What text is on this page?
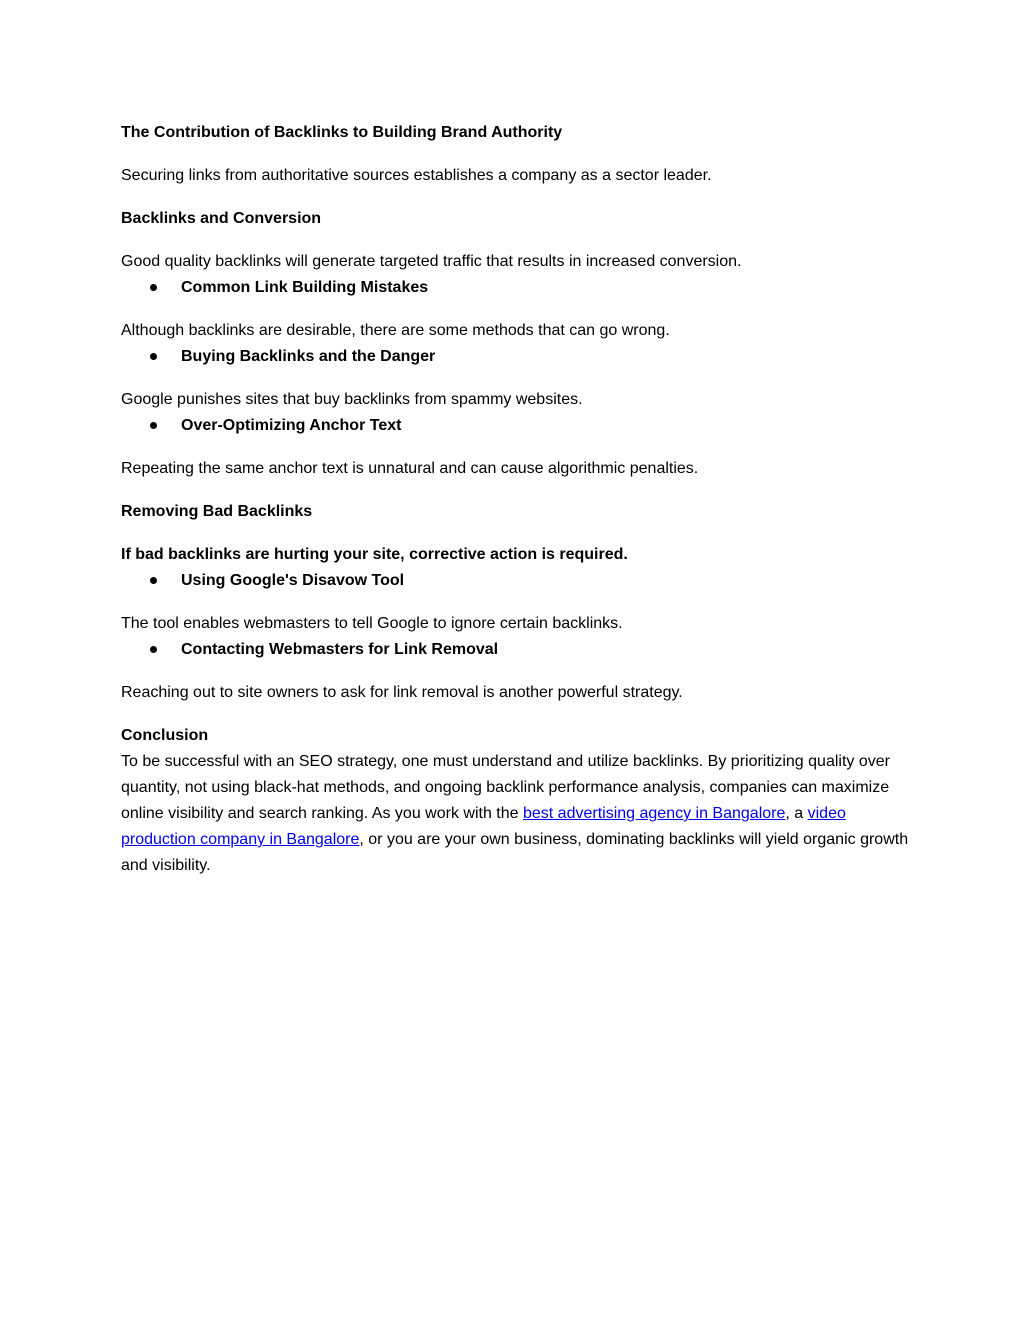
The Contribution of Backlinks to Building Brand Authority

Securing links from authoritative sources establishes a company as a sector leader.

Backlinks and Conversion

Good quality backlinks will generate targeted traffic that results in increased conversion.

Common Link Building Mistakes

Although backlinks are desirable, there are some methods that can go wrong.

Buying Backlinks and the Danger

Google punishes sites that buy backlinks from spammy websites.

Over-Optimizing Anchor Text

Repeating the same anchor text is unnatural and can cause algorithmic penalties.

Removing Bad Backlinks

If bad backlinks are hurting your site, corrective action is required.

Using Google's Disavow Tool

The tool enables webmasters to tell Google to ignore certain backlinks.

Contacting Webmasters for Link Removal

Reaching out to site owners to ask for link removal is another powerful strategy.

Conclusion

To be successful with an SEO strategy, one must understand and utilize backlinks. By prioritizing quality over quantity, not using black-hat methods, and ongoing backlink performance analysis, companies can maximize online visibility and search ranking. As you work with the best advertising agency in Bangalore, a video production company in Bangalore, or you are your own business, dominating backlinks will yield organic growth and visibility.
